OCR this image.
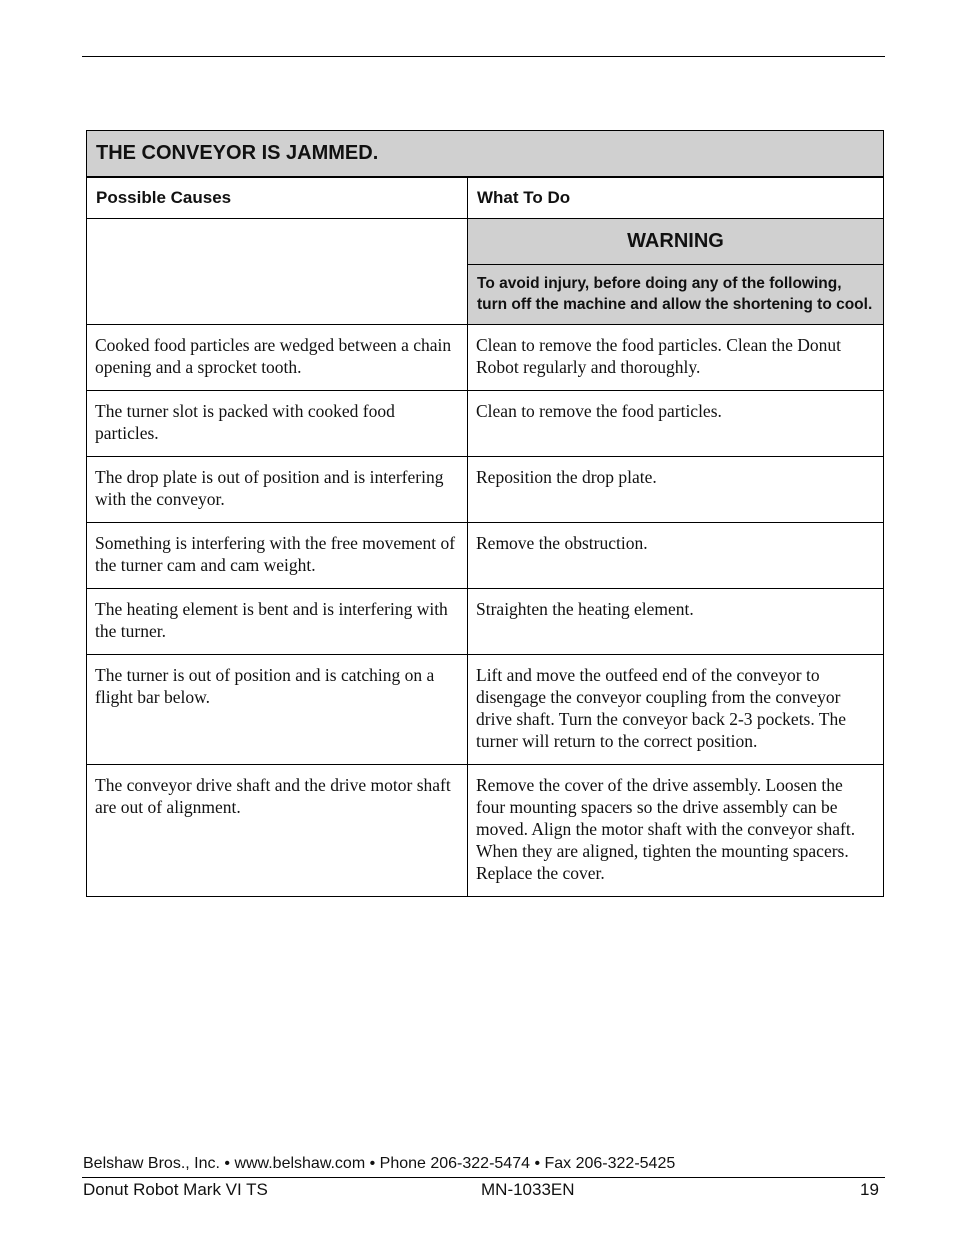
THE CONVEYOR IS JAMMED.	
Possible Causes	What To Do

	WARNING
To avoid injury, before doing any of the following, turn off the machine and allow the shortening to cool.

Cooked food particles are wedged between a chain opening and a sprocket tooth.	Clean to remove the food particles. Clean the Donut Robot regularly and thoroughly.
The turner slot is packed with cooked food particles.	Clean to remove the food particles.
The drop plate is out of position and is interfering with the conveyor.	Reposition the drop plate.
Something is interfering with the free movement of the turner cam and cam weight.	Remove the obstruction.
The heating element is bent and is interfering with the turner.	Straighten the heating element.
The turner is out of position and is catching on a flight bar below.	Lift and move the outfeed end of the conveyor to disengage the conveyor coupling from the conveyor drive shaft. Turn the conveyor back 2-3 pockets. The turner will return to the correct position.
The conveyor drive shaft and the drive motor shaft are out of alignment.	Remove the cover of the drive assembly. Loosen the four mounting spacers so the drive assembly can be moved. Align the motor shaft with the conveyor shaft. When they are aligned, tighten the mounting spacers. Replace the cover.
Belshaw Bros., Inc. • www.belshaw.com • Phone 206-322-5474 • Fax 206-322-5425
Donut Robot Mark VI TS	MN-1033EN	19
